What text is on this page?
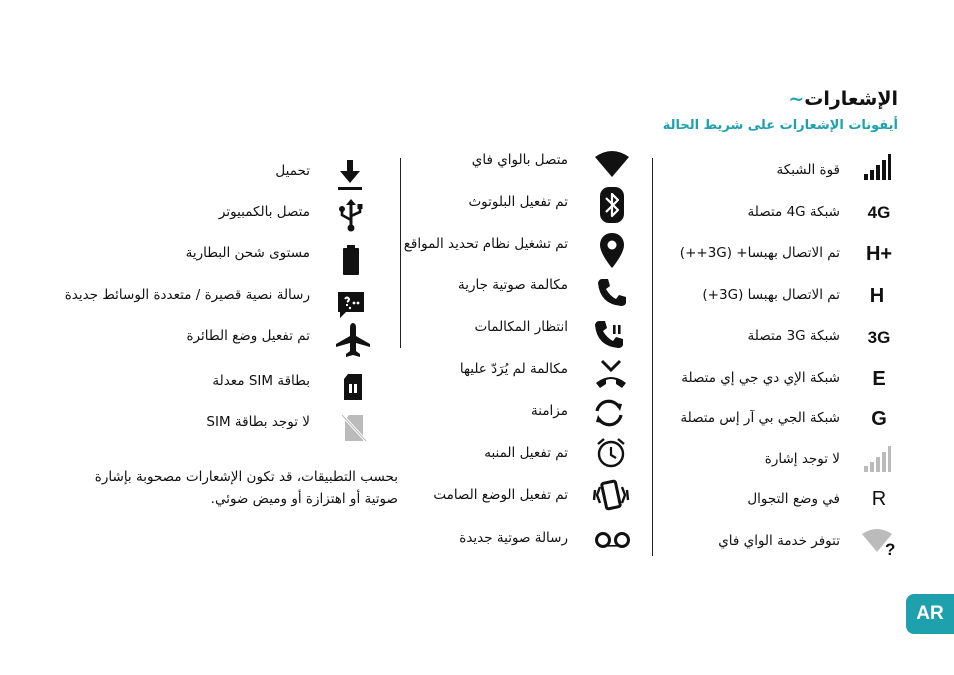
الإشعارات~
أيقونات الإشعارات على شريط الحالة
قوة الشبكة
شبكة 4G متصلة
تم الاتصال بهبسا+ (3G++)
تم الاتصال بهبسا (3G+)
شبكة 3G متصلة
شبكة الإي دي جي إي متصلة
شبكة الجي بي آر إس متصلة
لا توجد إشارة
في وضع التجوال
تتوفر خدمة الواي فاي
4G
H+
H
3G
E
G
R
?
متصل بالواي فاي
تم تفعيل البلوتوث
تم تشغيل نظام تحديد المواقع
مكالمة صوتية جارية
انتظار المكالمات
مكالمة لم يُرَدّ عليها
مزامنة
تم تفعيل المنبه
تم تفعيل الوضع الصامت
رسالة صوتية جديدة
تحميل
متصل بالكمبيوتر
مستوى شحن البطارية
رسالة نصية قصيرة / متعددة الوسائط جديدة
تم تفعيل وضع الطائرة
بطاقة SIM معدلة
لا توجد بطاقة SIM
بحسب التطبيقات، قد تكون الإشعارات مصحوبة بإشارة صوتية أو اهتزازة أو وميض ضوئي.
AR
